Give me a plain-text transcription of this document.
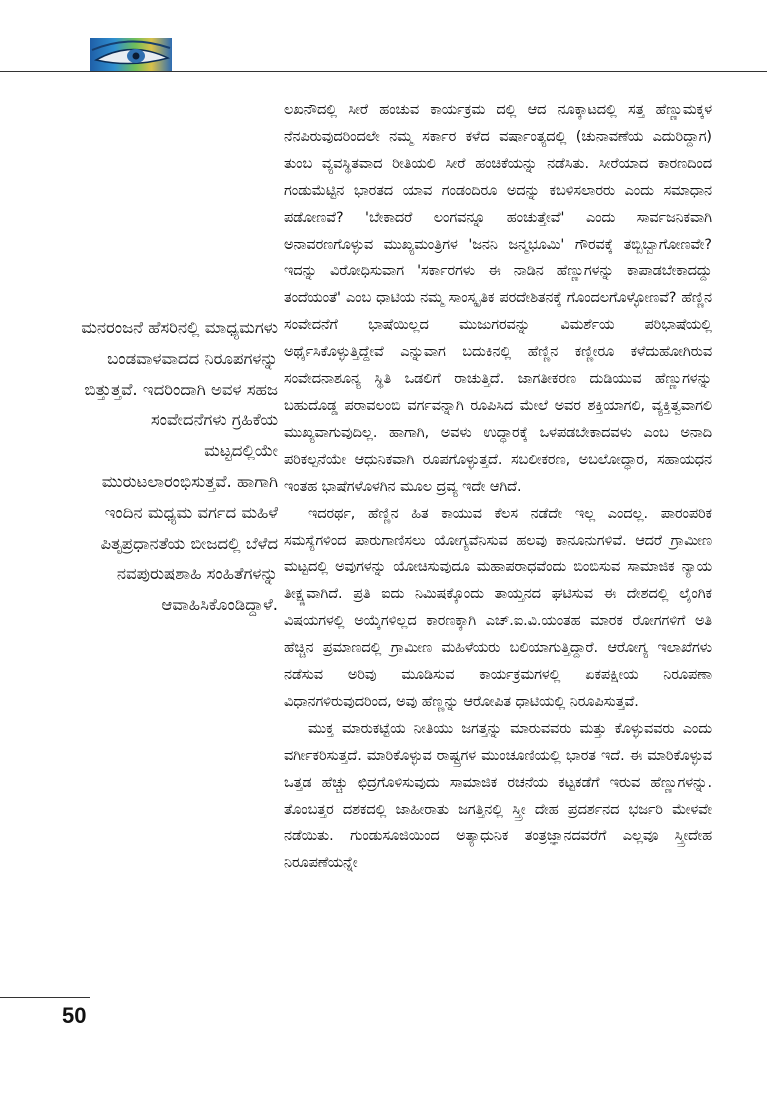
ಮನರಂಜನೆ ಹೆಸರಿನಲ್ಲಿ ಮಾಧ್ಯಮಗಳು ಬಂಡವಾಳವಾದದ ನಿರೂಪಗಳನ್ನು ಬಿತ್ತುತ್ತವೆ. ಇದರಿಂದಾಗಿ ಅವಳ ಸಹಜ ಸಂವೇದನೆಗಳು ಗ್ರಹಿಕೆಯ ಮಟ್ಟದಲ್ಲಿಯೇ ಮುರುಟಲಾರಂಭಿಸುತ್ತವೆ. ಹಾಗಾಗಿ ಇಂದಿನ ಮಧ್ಯಮ ವರ್ಗದ ಮಹಿಳೆ ಪಿತೃಪ್ರಧಾನತೆಯ ಬೀಜದಲ್ಲಿ ಬೆಳೆದ ನವಪುರುಷಶಾಹಿ ಸಂಹಿತೆಗಳನ್ನು ಆವಾಹಿಸಿಕೊಂಡಿದ್ದಾಳೆ.

ಲಖನೌದಲ್ಲಿ ಸೀರೆ ಹಂಚುವ ಕಾರ್ಯಕ್ರಮ ದಲ್ಲಿ ಆದ ನೂಕ್ಕಾಟದಲ್ಲಿ ಸತ್ತ ಹೆಣ್ಣುಮಕ್ಕಳ ನೆನಪಿರುವುದರಿಂದಲೇ ನಮ್ಮ ಸರ್ಕಾರ ಕಳೆದ ವರ್ಷಾಂತ್ಯದಲ್ಲಿ (ಚುನಾವಣೆಯ ಎದುರಿದ್ದಾಗ) ತುಂಬ ವ್ಯವಸ್ಥಿತವಾದ ರೀತಿಯಲಿ ಸೀರೆ ಹಂಚಿಕೆಯನ್ನು ನಡೆಸಿತು. ಸೀರೆಯಾದ ಕಾರಣದಿಂದ ಗಂಡುಮೆಟ್ಟಿನ ಭಾರತದ ಯಾವ ಗಂಡಂದಿರೂ ಅದನ್ನು ಕಬಳಿಸಲಾರರು ಎಂದು ಸಮಾಧಾನ ಪಡೋಣವೆ? 'ಬೇಕಾದರೆ ಲಂಗವನ್ನೂ ಹಂಚುತ್ತೇವೆ' ಎಂದು ಸಾರ್ವಜನಿಕವಾಗಿ ಅನಾವರಣಗೊಳ್ಳುವ ಮುಖ್ಯಮಂತ್ರಿಗಳ 'ಜನನಿ ಜನ್ಮಭೂಮಿ' ಗೌರವಕ್ಕೆ ತಬ್ಬಿಬ್ಬಾಗೋಣವೇ? ಇದನ್ನು ವಿರೋಧಿಸುವಾಗ 'ಸರ್ಕಾರಗಳು ಈ ನಾಡಿನ ಹೆಣ್ಣುಗಳನ್ನು ಕಾಪಾಡಬೇಕಾದದ್ದು ತಂದೆಯಂತೆ' ಎಂಬ ಧಾಟಿಯ ನಮ್ಮ ಸಾಂಸ್ಕೃತಿಕ ಪರದೇಶಿತನಕ್ಕೆ ಗೊಂದಲಗೊಳ್ಳೋಣವೆ? ಹೆಣ್ಣಿನ ಸಂವೇದನೆಗೆ ಭಾಷೆಯಿಲ್ಲದ ಮುಜುಗರವನ್ನು ವಿಮರ್ಶೆಯ ಪರಿಭಾಷೆಯಲ್ಲಿ ಅರ್ಥೈಸಿಕೊಳ್ಳುತ್ತಿದ್ದೇವೆ ಎನ್ನುವಾಗ ಬದುಕಿನಲ್ಲಿ ಹೆಣ್ಣಿನ ಕಣ್ಣೀರೂ ಕಳೆದುಹೋಗಿರುವ ಸಂವೇದನಾಶೂನ್ಯ ಸ್ಥಿತಿ ಒಡಲಿಗೆ ರಾಚುತ್ತಿದೆ. ಜಾಗತೀಕರಣ ದುಡಿಯುವ ಹೆಣ್ಣುಗಳನ್ನು ಬಹುದೊಡ್ಡ ಪರಾವಲಂಬಿ ವರ್ಗವನ್ನಾಗಿ ರೂಪಿಸಿದ ಮೇಲೆ ಅವರ ಶಕ್ತಿಯಾಗಲಿ, ವ್ಯಕ್ತಿತ್ವವಾಗಲಿ ಮುಖ್ಯವಾಗುವುದಿಲ್ಲ. ಹಾಗಾಗಿ, ಅವಳು ಉದ್ಧಾರಕ್ಕೆ ಒಳಪಡಬೇಕಾದವಳು ಎಂಬ ಅನಾದಿ ಪರಿಕಲ್ಪನೆಯೇ ಆಧುನಿಕವಾಗಿ ರೂಪಗೊಳ್ಳುತ್ತದೆ. ಸಬಲೀಕರಣ, ಅಬಲೋದ್ಧಾರ, ಸಹಾಯಧನ ಇಂತಹ ಭಾಷೆಗಳೊಳಗಿನ ಮೂಲ ದ್ರವ್ಯ ಇದೇ ಆಗಿದೆ.

ಇದರರ್ಥ, ಹೆಣ್ಣಿನ ಹಿತ ಕಾಯುವ ಕೆಲಸ ನಡೆದೇ ಇಲ್ಲ ಎಂದಲ್ಲ. ಪಾರಂಪರಿಕ ಸಮಸ್ಯೆಗಳಿಂದ ಪಾರುಗಾಣಿಸಲು ಯೋಗ್ಯವೆನಿಸುವ ಹಲವು ಕಾನೂನುಗಳಿವೆ. ಆದರೆ ಗ್ರಾಮೀಣ ಮಟ್ಟದಲ್ಲಿ ಅವುಗಳನ್ನು ಯೋಚಿಸುವುದೂ ಮಹಾಪರಾಧವೆಂದು ಬಿಂಬಿಸುವ ಸಾಮಾಜಿಕ ನ್ಯಾಯ ತೀಕ್ಷ್ಣವಾಗಿದೆ. ಪ್ರತಿ ಐದು ನಿಮಿಷಕ್ಕೊಂದು ತಾಯ್ತನದ ಘಟಿಸುವ ಈ ದೇಶದಲ್ಲಿ ಲೈಂಗಿಕ ವಿಷಯಗಳಲ್ಲಿ ಅಯ್ಕೆಗಳಿಲ್ಲದ ಕಾರಣಕ್ಕಾಗಿ ಎಚ್.ಐ.ವಿ.ಯಂತಹ ಮಾರಕ ರೋಗಗಳಿಗೆ ಅತಿ ಹೆಚ್ಚಿನ ಪ್ರಮಾಣದಲ್ಲಿ ಗ್ರಾಮೀಣ ಮಹಿಳೆಯರು ಬಲಿಯಾಗುತ್ತಿದ್ದಾರೆ. ಆರೋಗ್ಯ ಇಲಾಖೆಗಳು ನಡೆಸುವ ಅರಿವು ಮೂಡಿಸುವ ಕಾರ್ಯಕ್ರಮಗಳಲ್ಲಿ ಏಕಪಕ್ಷೀಯ ನಿರೂಪಣಾ ವಿಧಾನಗಳಿರುವುದರಿಂದ, ಅವು ಹೆಣ್ಣನ್ನು ಆರೋಪಿತ ಧಾಟಿಯಲ್ಲಿ ನಿರೂಪಿಸುತ್ತವೆ.

ಮುಕ್ತ ಮಾರುಕಟ್ಟೆಯ ನೀತಿಯು ಜಗತ್ತನ್ನು ಮಾರುವವರು ಮತ್ತು ಕೊಳ್ಳುವವರು ಎಂದು ವರ್ಗೀಕರಿಸುತ್ತದೆ. ಮಾರಿಕೊಳ್ಳುವ ರಾಷ್ಟ್ರಗಳ ಮುಂಚೂಣಿಯಲ್ಲಿ ಭಾರತ ಇದೆ. ಈ ಮಾರಿಕೊಳ್ಳುವ ಒತ್ತಡ ಹೆಚ್ಚು ಛಿದ್ರಗೊಳಿಸುವುದು ಸಾಮಾಜಿಕ ರಚನೆಯ ಕಟ್ಟಕಡೆಗೆ ಇರುವ ಹೆಣ್ಣುಗಳನ್ನು. ತೊಂಬತ್ತರ ದಶಕದಲ್ಲಿ ಜಾಹೀರಾತು ಜಗತ್ತಿನಲ್ಲಿ ಸ್ತ್ರೀ ದೇಹ ಪ್ರದರ್ಶನದ ಭರ್ಜರಿ ಮೇಳವೇ ನಡೆಯಿತು. ಗುಂಡುಸೂಜಿಯಿಂದ ಅತ್ಯಾಧುನಿಕ ತಂತ್ರಜ್ಞಾನದವರೆಗೆ ಎಲ್ಲವೂ ಸ್ತ್ರೀದೇಹ ನಿರೂಪಣೆಯನ್ನೇ

50
